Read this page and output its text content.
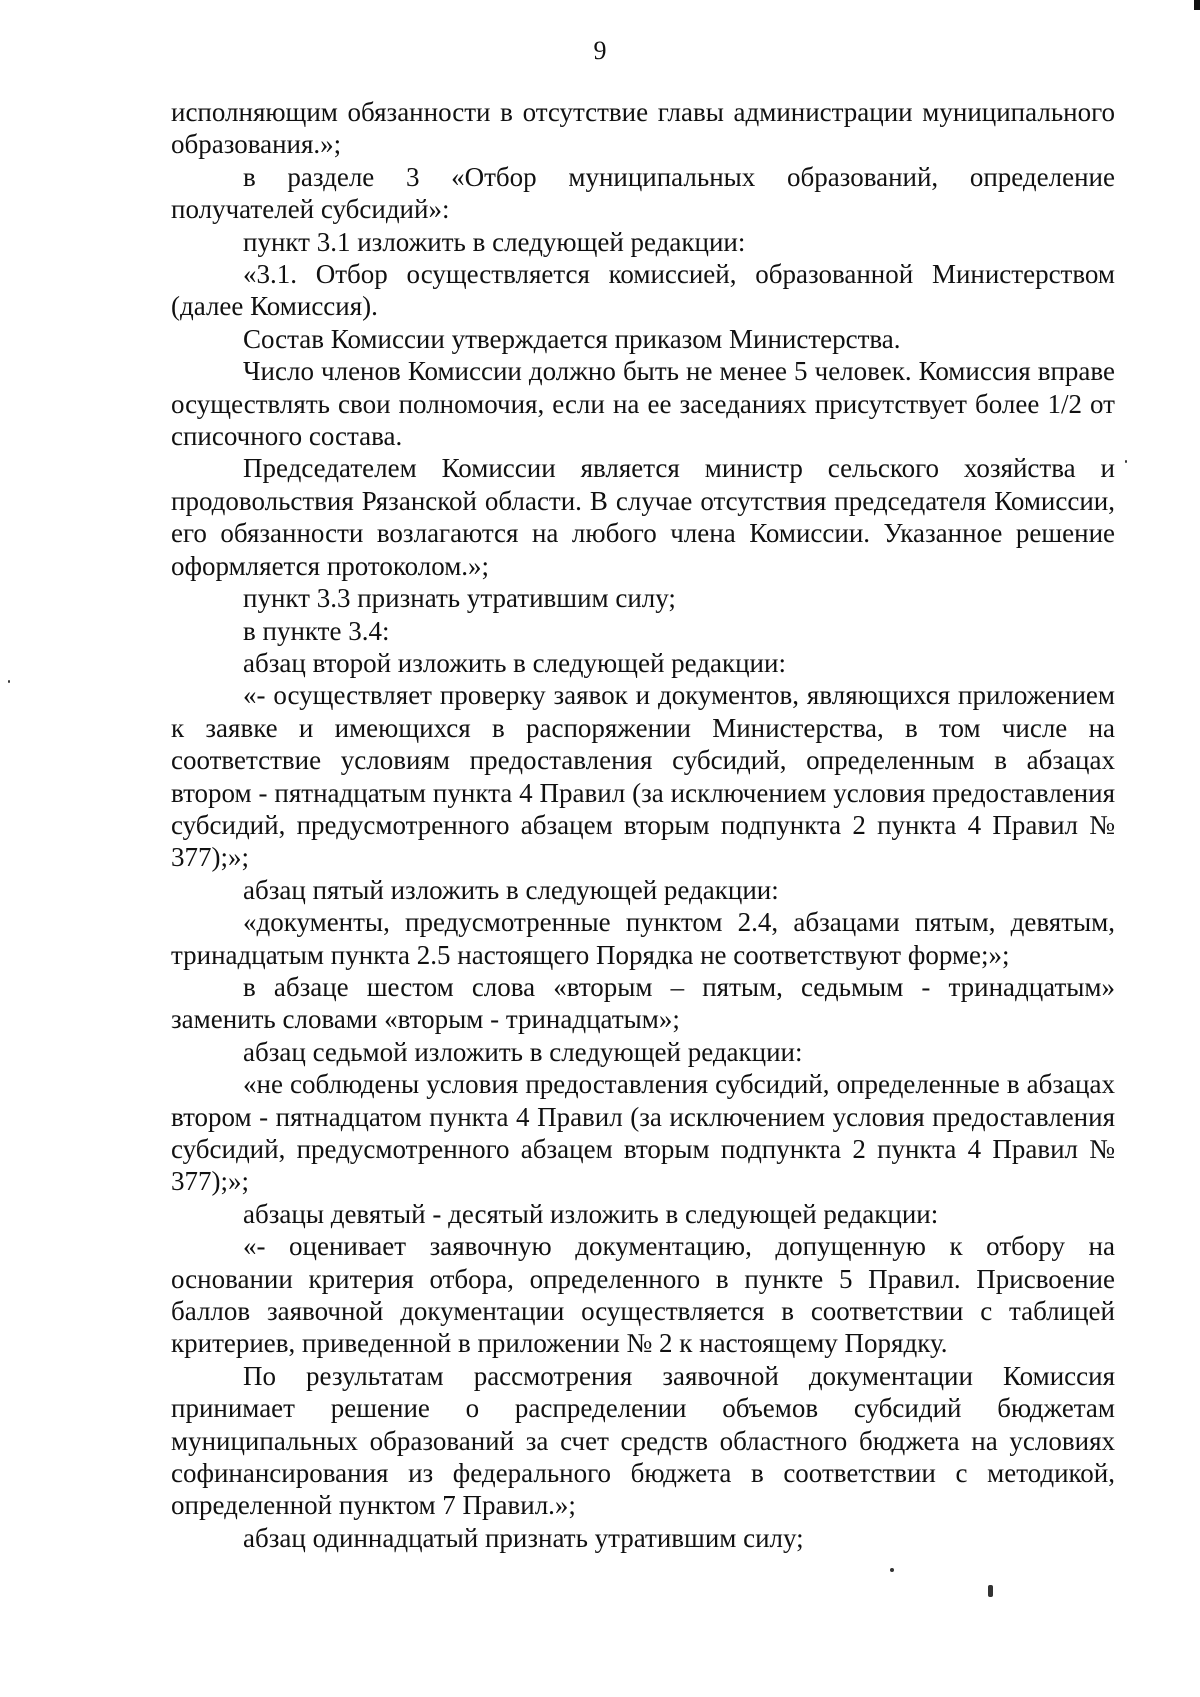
9

исполняющим обязанности в отсутствие главы администрации муниципального образования.»;

в разделе 3 «Отбор муниципальных образований, определение получателей субсидий»:

пункт 3.1 изложить в следующей редакции:

«3.1. Отбор осуществляется комиссией, образованной Министерством (далее Комиссия).

Состав Комиссии утверждается приказом Министерства.

Число членов Комиссии должно быть не менее 5 человек. Комиссия вправе осуществлять свои полномочия, если на ее заседаниях присутствует более 1/2 от списочного состава.

Председателем Комиссии является министр сельского хозяйства и продовольствия Рязанской области. В случае отсутствия председателя Комиссии, его обязанности возлагаются на любого члена Комиссии. Указанное решение оформляется протоколом.»;

пункт 3.3 признать утратившим силу;

в пункте 3.4:

абзац второй изложить в следующей редакции:

«- осуществляет проверку заявок и документов, являющихся приложением к заявке и имеющихся в распоряжении Министерства, в том числе на соответствие условиям предоставления субсидий, определенным в абзацах втором - пятнадцатым пункта 4 Правил (за исключением условия предоставления субсидий, предусмотренного абзацем вторым подпункта 2 пункта 4 Правил № 377);»;

абзац пятый изложить в следующей редакции:

«документы, предусмотренные пунктом 2.4, абзацами пятым, девятым, тринадцатым пункта 2.5 настоящего Порядка не соответствуют форме;»;

в абзаце шестом слова «вторым – пятым, седьмым - тринадцатым» заменить словами «вторым - тринадцатым»;

абзац седьмой изложить в следующей редакции:

«не соблюдены условия предоставления субсидий, определенные в абзацах втором - пятнадцатом пункта 4 Правил (за исключением условия предоставления субсидий, предусмотренного абзацем вторым подпункта 2 пункта 4 Правил № 377);»;

абзацы девятый - десятый изложить в следующей редакции:

«- оценивает заявочную документацию, допущенную к отбору на основании критерия отбора, определенного в пункте 5 Правил. Присвоение баллов заявочной документации осуществляется в соответствии с таблицей критериев, приведенной в приложении № 2 к настоящему Порядку.

По результатам рассмотрения заявочной документации Комиссия принимает решение о распределении объемов субсидий бюджетам муниципальных образований за счет средств областного бюджета на условиях софинансирования из федерального бюджета в соответствии с методикой, определенной пунктом 7 Правил.»;

абзац одиннадцатый признать утратившим силу;
